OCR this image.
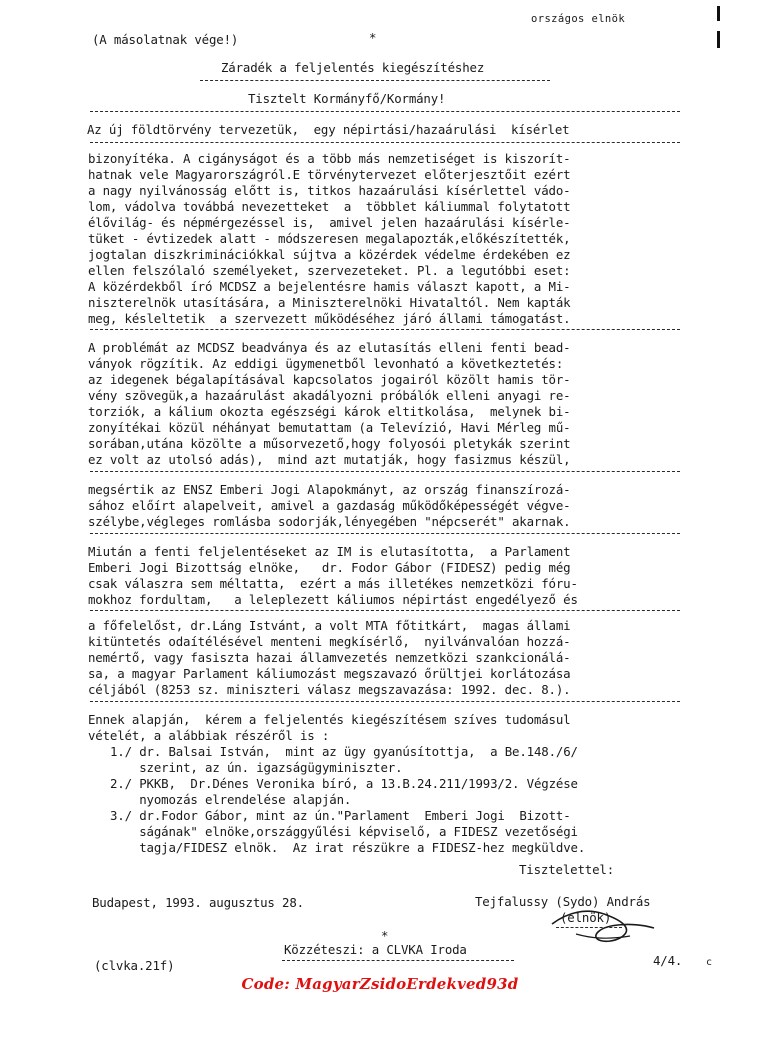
országos elnök
(A másolatnak vége!)	*
Záradék a feljelentés kiegészítéshez
Tisztelt Kormányfő/Kormány!
Az új földtörvény tervezetük,  egy népirtási/hazaárulási  kísérlet
bizonyítéka. A cigányságot és a több más nemzetiséget is kiszorít-
hatnak vele Magyarországról.E törvénytervezet előterjesztőit ezért
a nagy nyilvánosság előtt is, titkos hazaárulási kísérlettel vádo-
lom, vádolva továbbá nevezetteket  a  többlet káliummal folytatott
élővilág- és népmérgezéssel is,  amivel jelen hazaárulási kísérle-
tüket - évtizedek alatt - módszeresen megalapozták,előkészítették,
jogtalan diszkriminációkkal sújtva a közérdek védelme érdekében ez
ellen felszólaló személyeket, szervezeteket. Pl. a legutóbbi eset:
A közérdekből író MCDSZ a bejelentésre hamis választ kapott, a Mi-
niszterelnök utasítására, a Miniszterelnöki Hivataltól. Nem kapták
meg, késleltetik  a szervezett működéséhez járó állami támogatást.
A problémát az MCDSZ beadványa és az elutasítás elleni fenti bead-
ványok rögzítik. Az eddigi ügymenetből levonható a következtetés:
az idegenek bégalapításával kapcsolatos jogairól közölt hamis tör-
vény szövegük,a hazaárulást akadályozni próbálók elleni anyagi re-
torziók, a kálium okozta egészségi károk eltitkolása,  melynek bi-
zonyítékai közül néhányat bemutattam (a Televízió, Havi Mérleg mű-
sorában,utána közölte a műsorvezető,hogy folyosói pletykák szerint
ez volt az utolsó adás),  mind azt mutatják, hogy fasizmus készül,
megsértik az ENSZ Emberi Jogi Alapokmányt, az ország finanszírozá-
sához előírt alapelveit, amivel a gazdaság működőképességét végve-
szélybe,végleges romlásba sodorják,lényegében "népcserét" akarnak.
Miután a fenti feljelentéseket az IM is elutasította,  a Parlament
Emberi Jogi Bizottság elnöke,   dr. Fodor Gábor (FIDESZ) pedig még
csak válaszra sem méltatta,  ezért a más illetékes nemzetközi fóru-
mokhoz fordultam,   a leleplezett káliumos népirtást engedélyező és
a főfelelőst, dr.Láng Istvánt, a volt MTA főtitkárt,  magas állami
kitüntetés odaítélésével menteni megkísérlő,  nyilvánvalóan hozzá-
nemértő, vagy fasiszta hazai államvezetés nemzetközi szankcionálá-
sa, a magyar Parlament káliumozást megszavazó őrültjei korlátozása
céljából (8253 sz. miniszteri válasz megszavazása: 1992. dec. 8.).
Ennek alapján,  kérem a feljelentés kiegészítésem szíves tudomásul
vételét, a alábbiak részéről is :
1./ dr. Balsai István,  mint az ügy gyanúsítottja,  a Be.148./6/
szerint, az ún. igazságügyminiszter.
2./ PKKB,  Dr.Dénes Veronika bíró, a 13.B.24.211/1993/2. Végzése
nyomozás elrendelése alapján.
3./ dr.Fodor Gábor, mint az ún."Parlament  Emberi Jogi  Bizott-
ságának" elnöke,országgyűlési képviselő, a FIDESZ vezetőségi
tagja/FIDESZ elnök.  Az irat részükre a FIDESZ-hez megküldve.
Tisztelettel:
Budapest, 1993. augusztus 28.	Tejfalussy (Sydo) András
(elnök)
*
Közzéteszi: a CLVKA Iroda
(clvka.21f)	4/4. c
Code: MagyarZsidoErdekved93d
